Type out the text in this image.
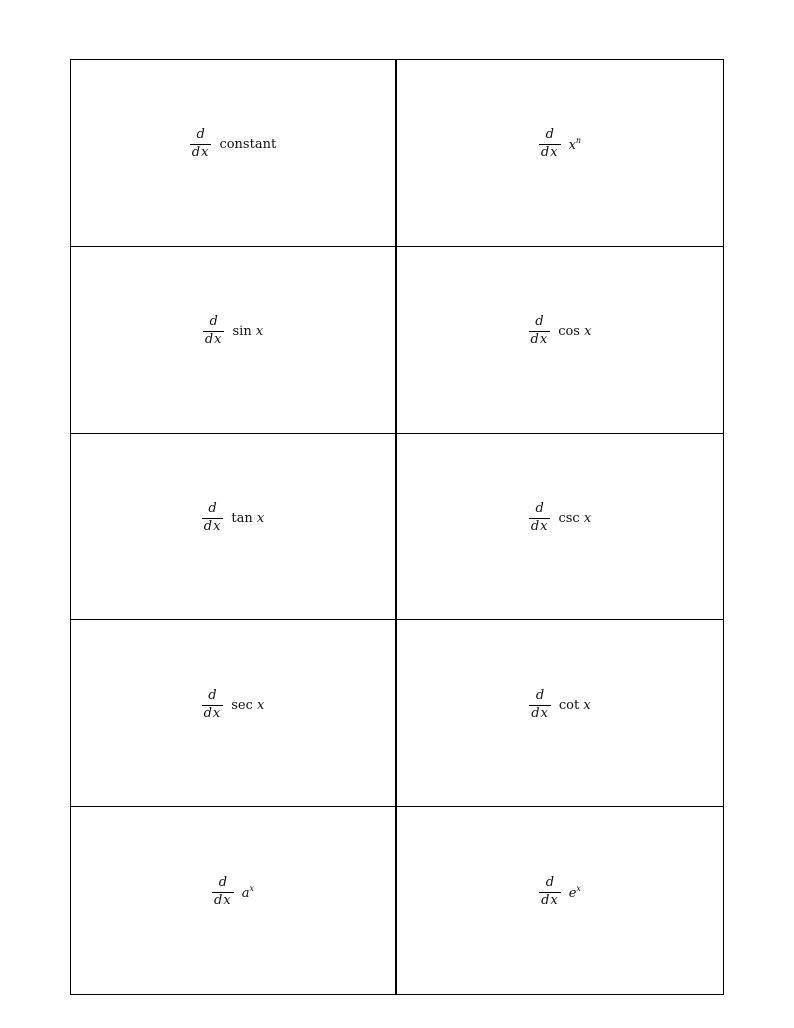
$\frac{d}{dx}$ constant	$\frac{d}{dx} x^n$
$\frac{d}{dx}$ sin x	$\frac{d}{dx}$ cos x
$\frac{d}{dx}$ tan x	$\frac{d}{dx}$ csc x
$\frac{d}{dx}$ sec x	$\frac{d}{dx}$ cot x
$\frac{d}{dx} a^x$	$\frac{d}{dx} e^x$
